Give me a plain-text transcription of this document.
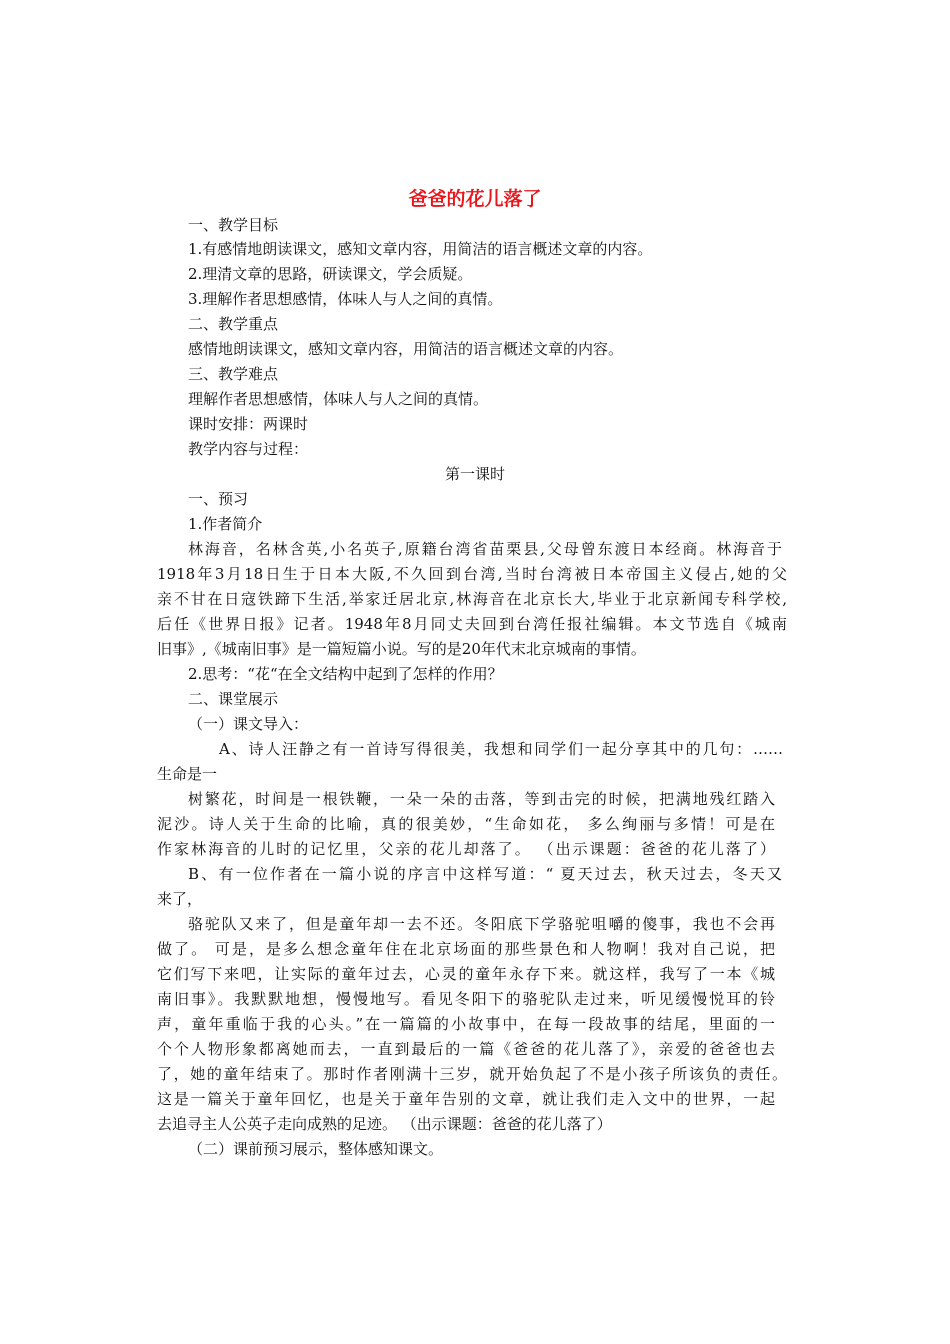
爸爸的花儿落了
一、教学目标
1.有感情地朗读课文，感知文章内容，用简洁的语言概述文章的内容。
2.理清文章的思路，研读课文，学会质疑。
3.理解作者思想感情，体味人与人之间的真情。
二、教学重点
感情地朗读课文，感知文章内容，用简洁的语言概述文章的内容。
三、教学难点
理解作者思想感情，体味人与人之间的真情。
课时安排：两课时
教学内容与过程：
第一课时
一、预习
1.作者简介
林海音，名林含英,小名英子,原籍台湾省苗栗县,父母曾东渡日本经商。林海音于
1918年3月18日生于日本大阪,不久回到台湾,当时台湾被日本帝国主义侵占,她的父
亲不甘在日寇铁蹄下生活,举家迁居北京,林海音在北京长大,毕业于北京新闻专科学校,
后任《世界日报》记者。1948年8月同丈夫回到台湾任报社编辑。本文节选自《城南
旧事》,《城南旧事》是一篇短篇小说。写的是20年代末北京城南的事情。
2.思考：“花“在全文结构中起到了怎样的作用？
二、课堂展示
（一）课文导入：
A、诗人汪静之有一首诗写得很美，我想和同学们一起分享其中的几句：……
生命是一
树繁花，时间是一根铁鞭，一朵一朵的击落，等到击完的时候，把满地残红踏入
泥沙。诗人关于生命的比喻，真的很美妙，“生命如花， 多么绚丽与多情！可是在
作家林海音的儿时的记忆里，父亲的花儿却落了。 （出示课题：爸爸的花儿落了）
B、有一位作者在一篇小说的序言中这样写道：“ 夏天过去，秋天过去，冬天又
来了，
骆驼队又来了，但是童年却一去不还。冬阳底下学骆驼咀嚼的傻事，我也不会再
做了。 可是，是多么想念童年住在北京场面的那些景色和人物啊！我对自己说，把
它们写下来吧，让实际的童年过去，心灵的童年永存下来。就这样，我写了一本《城
南旧事》。我默默地想，慢慢地写。看见冬阳下的骆驼队走过来，听见缓慢悦耳的铃
声，童年重临于我的心头。”在一篇篇的小故事中，在每一段故事的结尾，里面的一
个个人物形象都离她而去，一直到最后的一篇《爸爸的花儿落了》，亲爱的爸爸也去
了，她的童年结束了。那时作者刚满十三岁，就开始负起了不是小孩子所该负的责任。
这是一篇关于童年回忆，也是关于童年告别的文章，就让我们走入文中的世界，一起
去追寻主人公英子走向成熟的足迹。 （出示课题：爸爸的花儿落了）
（二）课前预习展示，整体感知课文。
